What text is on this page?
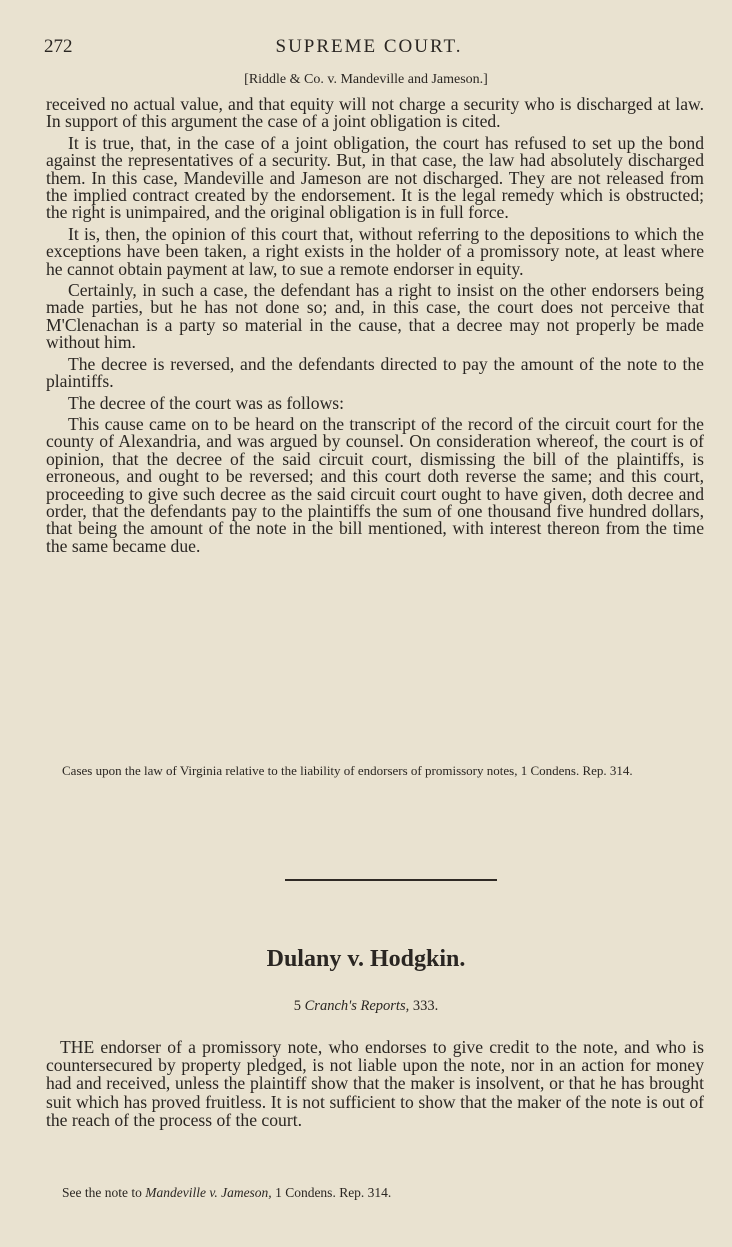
272	SUPREME COURT.
[Riddle & Co. v. Mandeville and Jameson.]

received no actual value, and that equity will not charge a security who is discharged at law. In support of this argument the case of a joint obligation is cited.

It is true, that, in the case of a joint obligation, the court has refused to set up the bond against the representatives of a security. But, in that case, the law had absolutely discharged them. In this case, Mandeville and Jameson are not discharged. They are not released from the implied contract created by the endorsement. It is the legal remedy which is obstructed; the right is unimpaired, and the original obligation is in full force.

It is, then, the opinion of this court that, without referring to the depositions to which the exceptions have been taken, a right exists in the holder of a promissory note, at least where he cannot obtain payment at law, to sue a remote endorser in equity.

Certainly, in such a case, the defendant has a right to insist on the other endorsers being made parties, but he has not done so; and, in this case, the court does not perceive that M'Clenachan is a party so material in the cause, that a decree may not properly be made without him.

The decree is reversed, and the defendants directed to pay the amount of the note to the plaintiffs.

The decree of the court was as follows:

This cause came on to be heard on the transcript of the record of the circuit court for the county of Alexandria, and was argued by counsel. On consideration whereof, the court is of opinion, that the decree of the said circuit court, dismissing the bill of the plaintiffs, is erroneous, and ought to be reversed; and this court doth reverse the same; and this court, proceeding to give such decree as the said circuit court ought to have given, doth decree and order, that the defendants pay to the plaintiffs the sum of one thousand five hundred dollars, that being the amount of the note in the bill mentioned, with interest thereon from the time the same became due.

Cases upon the law of Virginia relative to the liability of endorsers of promissory notes, 1 Condens. Rep. 314.

Dulany v. Hodgkin.
5 Cranch's Reports, 333.

THE endorser of a promissory note, who endorses to give credit to the note, and who is countersecured by property pledged, is not liable upon the note, nor in an action for money had and received, unless the plaintiff show that the maker is insolvent, or that he has brought suit which has proved fruitless. It is not sufficient to show that the maker of the note is out of the reach of the process of the court.

See the note to Mandeville v. Jameson, 1 Condens. Rep. 314.
